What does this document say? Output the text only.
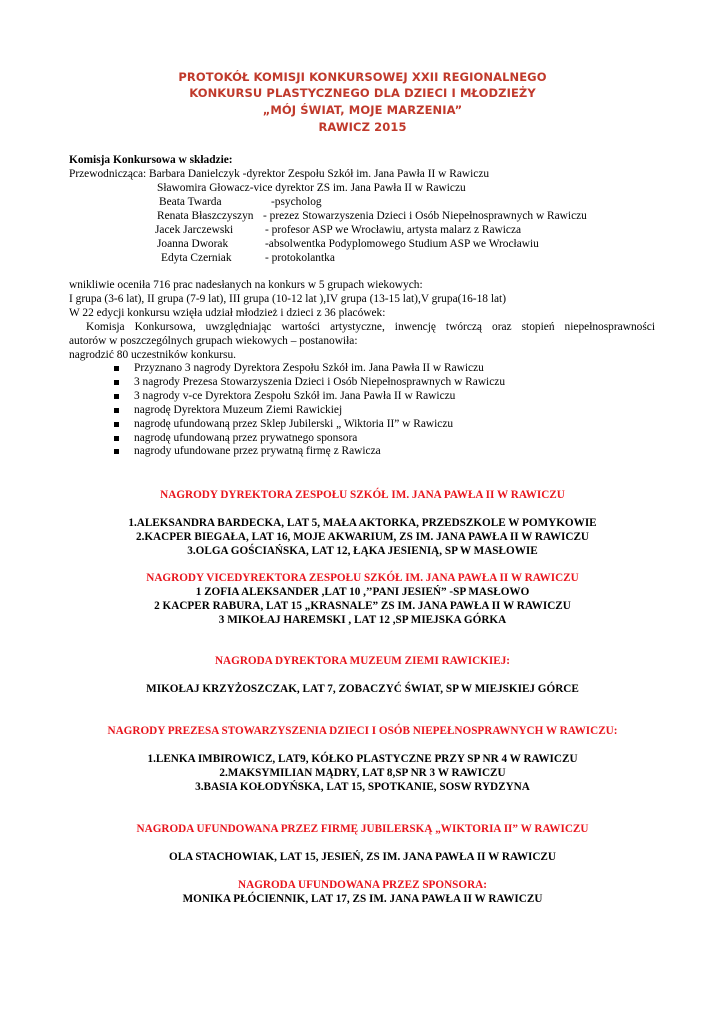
PROTOKÓŁ KOMISJI KONKURSOWEJ XXII REGIONALNEGO
KONKURSU PLASTYCZNEGO DLA DZIECI I MŁODZIEŻY
„MÓJ ŚWIAT, MOJE MARZENIA”
RAWICZ 2015
Komisja Konkursowa w składzie:
Przewodnicząca: Barbara Danielczyk -dyrektor Zespołu Szkół im. Jana Pawła II w Rawiczu
Sławomira Głowacz-vice dyrektor ZS im. Jana Pawła II w Rawiczu
Beata Twarda	-psycholog
Renata Błaszczyszyn - prezez Stowarzyszenia Dzieci i Osób Niepełnosprawnych w Rawiczu
Jacek Jarczewski	- profesor ASP we Wrocławiu, artysta malarz z Rawicza
Joanna Dworak	-absolwentka Podyplomowego Studium ASP we Wrocławiu
Edyta Czerniak	- protokolantka
wnikliwie oceniła 716 prac nadesłanych na konkurs w 5 grupach wiekowych:
I grupa (3-6 lat), II grupa (7-9 lat), III grupa (10-12 lat ),IV grupa (13-15 lat),V grupa(16-18 lat)
W 22 edycji konkursu wzięła udział młodzież i dzieci z 36 placówek:
Komisja Konkursowa, uwzględniając wartości artystyczne, inwencję twórczą oraz stopień niepełnosprawności
autorów w poszczególnych grupach wiekowych – postanowiła:
nagrodzić 80 uczestników konkursu.
Przyznano 3 nagrody Dyrektora Zespołu Szkół im. Jana Pawła II w Rawiczu
3 nagrody Prezesa Stowarzyszenia Dzieci i Osób Niepełnosprawnych w Rawiczu
3 nagrody v-ce Dyrektora Zespołu Szkół im. Jana Pawła II w Rawiczu
nagrodę Dyrektora Muzeum Ziemi Rawickiej
nagrodę ufundowaną przez Sklep Jubilerski „ Wiktoria II” w Rawiczu
nagrodę ufundowaną przez prywatnego sponsora
nagrody ufundowane przez prywatną firmę z Rawicza
NAGRODY DYREKTORA ZESPOŁU SZKÓŁ IM. JANA PAWŁA II W RAWICZU
1.ALEKSANDRA BARDECKA, LAT 5, MAŁA AKTORKA, PRZEDSZKOLE W POMYKOWIE
2.KACPER BIEGAŁA, LAT 16, MOJE AKWARIUM, ZS IM. JANA PAWŁA II W RAWICZU
3.OLGA GOŚCIAŃSKA, LAT 12, ŁĄKA JESIENIĄ, SP W MASŁOWIE
NAGRODY VICEDYREKTORA ZESPOŁU SZKÓŁ IM. JANA PAWŁA II W RAWICZU
1 ZOFIA ALEKSANDER ,LAT 10 ,’’PANI JESIEŃ” -SP MASŁOWO
2 KACPER RABURA, LAT 15 „KRASNALE” ZS IM. JANA PAWŁA II W RAWICZU
3 MIKOŁAJ HAREMSKI , LAT 12 ,SP MIEJSKA GÓRKA
NAGRODA DYREKTORA MUZEUM ZIEMI RAWICKIEJ:
MIKOŁAJ KRZYŻOSZCZAK, LAT 7, ZOBACZYĆ ŚWIAT, SP W MIEJSKIEJ GÓRCE
NAGRODY PREZESA STOWARZYSZENIA DZIECI I OSÓB NIEPEŁNOSPRAWNYCH W RAWICZU:
1.LENKA IMBIROWICZ, LAT9, KÓŁKO PLASTYCZNE PRZY SP NR 4 W RAWICZU
2.MAKSYMILIAN MĄDRY, LAT 8,SP NR 3 W RAWICZU
3.BASIA KOŁODYŃSKA, LAT 15, SPOTKANIE, SOSW RYDZYNA
NAGRODA UFUNDOWANA PRZEZ FIRMĘ JUBILERSKĄ „WIKTORIA II” W RAWICZU
OLA STACHOWIAK, LAT 15, JESIEŃ, ZS IM. JANA PAWŁA II W RAWICZU
NAGRODA UFUNDOWANA PRZEZ SPONSORA:
MONIKA PŁÓCIENNIK, LAT 17, ZS IM. JANA PAWŁA II W RAWICZU
